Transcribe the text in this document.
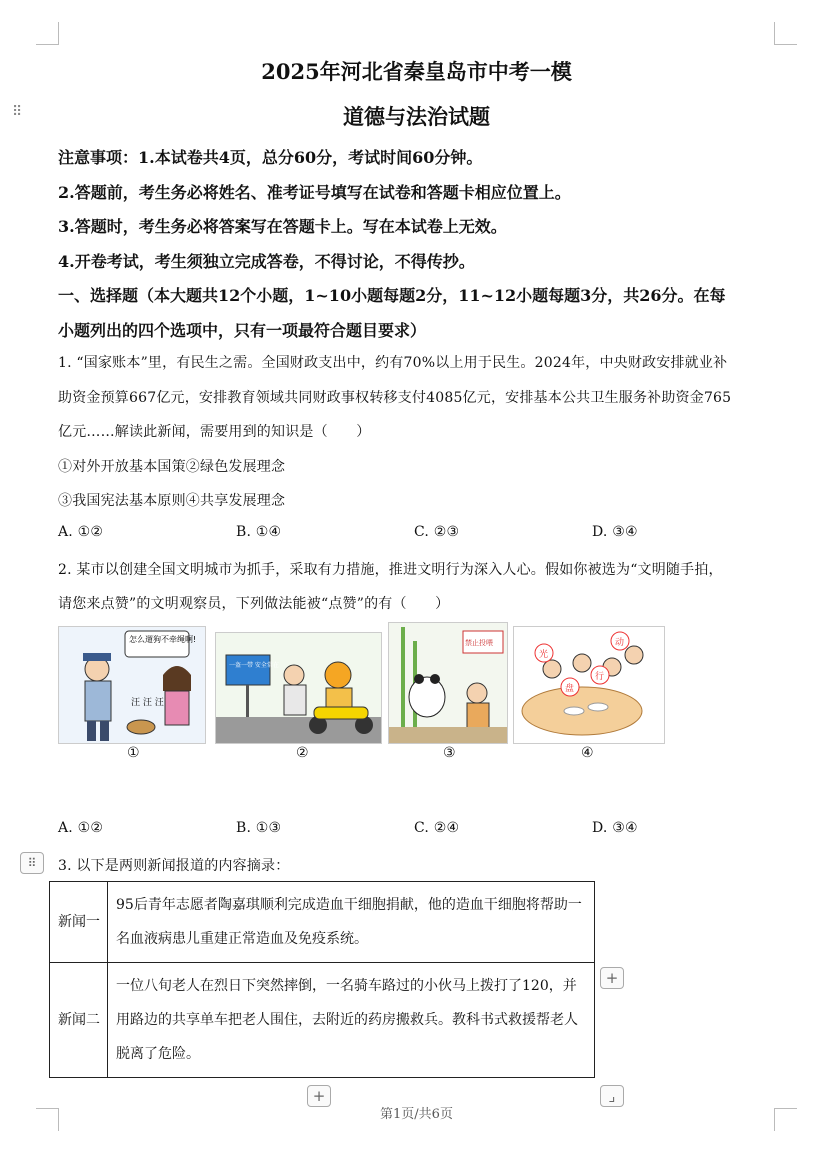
2025年河北省秦皇岛市中考一模
道德与法治试题
⠿
注意事项：1.本试卷共4页，总分60分，考试时间60分钟。
2.答题前，考生务必将姓名、准考证号填写在试卷和答题卡相应位置上。
3.答题时，考生务必将答案写在答题卡上。写在本试卷上无效。
4.开卷考试，考生须独立完成答卷，不得讨论，不得传抄。
一、选择题（本大题共12个小题，1~10小题每题2分，11~12小题每题3分，共26分。在每
小题列出的四个选项中，只有一项最符合题目要求）
1. “国家账本”里，有民生之需。全国财政支出中，约有70%以上用于民生。2024年，中央财政安排就业补
助资金预算667亿元，安排教育领域共同财政事权转移支付4085亿元，安排基本公共卫生服务补助资金765
亿元……解读此新闻，需要用到的知识是（　　）
①对外开放基本国策②绿色发展理念
③我国宪法基本原则④共享发展理念
A. ①②	B. ①④	C. ②③	D. ③④
2. 某市以创建全国文明城市为抓手，采取有力措施，推进文明行为深入人心。假如你被选为“文明随手拍，
请您来点赞”的文明观察员，下列做法能被“点赞”的有（　　）
怎么遛狗不牵绳啊!
汪 汪 汪
①
一盔一带 安全常在
②
禁止投喂
③
光
盘
行
动
④
A. ①②	B. ①③	C. ②④	D. ③④
⠿	3. 以下是两则新闻报道的内容摘录：
新闻一	95后青年志愿者陶嘉琪顺利完成造血干细胞捐献，他的造血干细胞将帮助一名血液病患儿重建正常造血及免疫系统。
新闻二	一位八旬老人在烈日下突然摔倒，一名骑车路过的小伙马上拨打了120，并用路边的共享单车把老人围住，去附近的药房搬救兵。教科书式救援帮老人脱离了危险。
+
+	⌟
第1页/共6页
